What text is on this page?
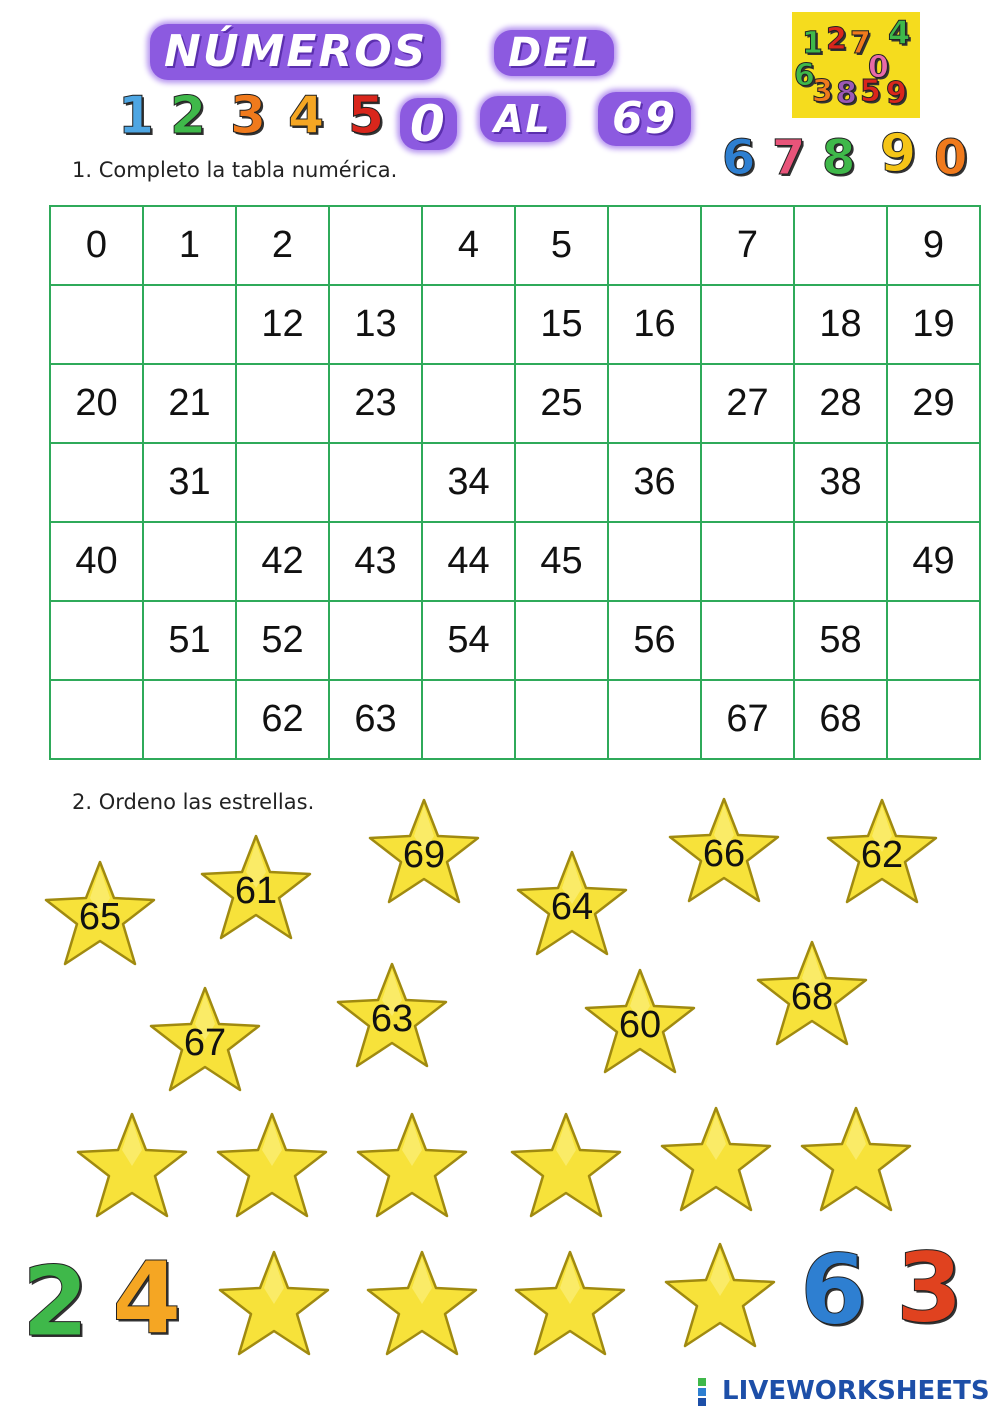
NÚMEROS	DEL
0	AL	69
1 2 3 4 5
1 2 7 4
6 0
3 8 5 9
6 7 8 9 0
1. Completo la tabla numérica.
0	1	2		4	5		7		9
		12	13		15	16		18	19
20	21		23		25		27	28	29
	31			34		36		38	
40		42	43	44	45				49
	51	52		54		56		58	
		62	63				67	68	
2. Ordeno las estrellas.
65
61
69
64
66	62
67
63	60
68
2 4	6 3
LIVEWORKSHEETS
